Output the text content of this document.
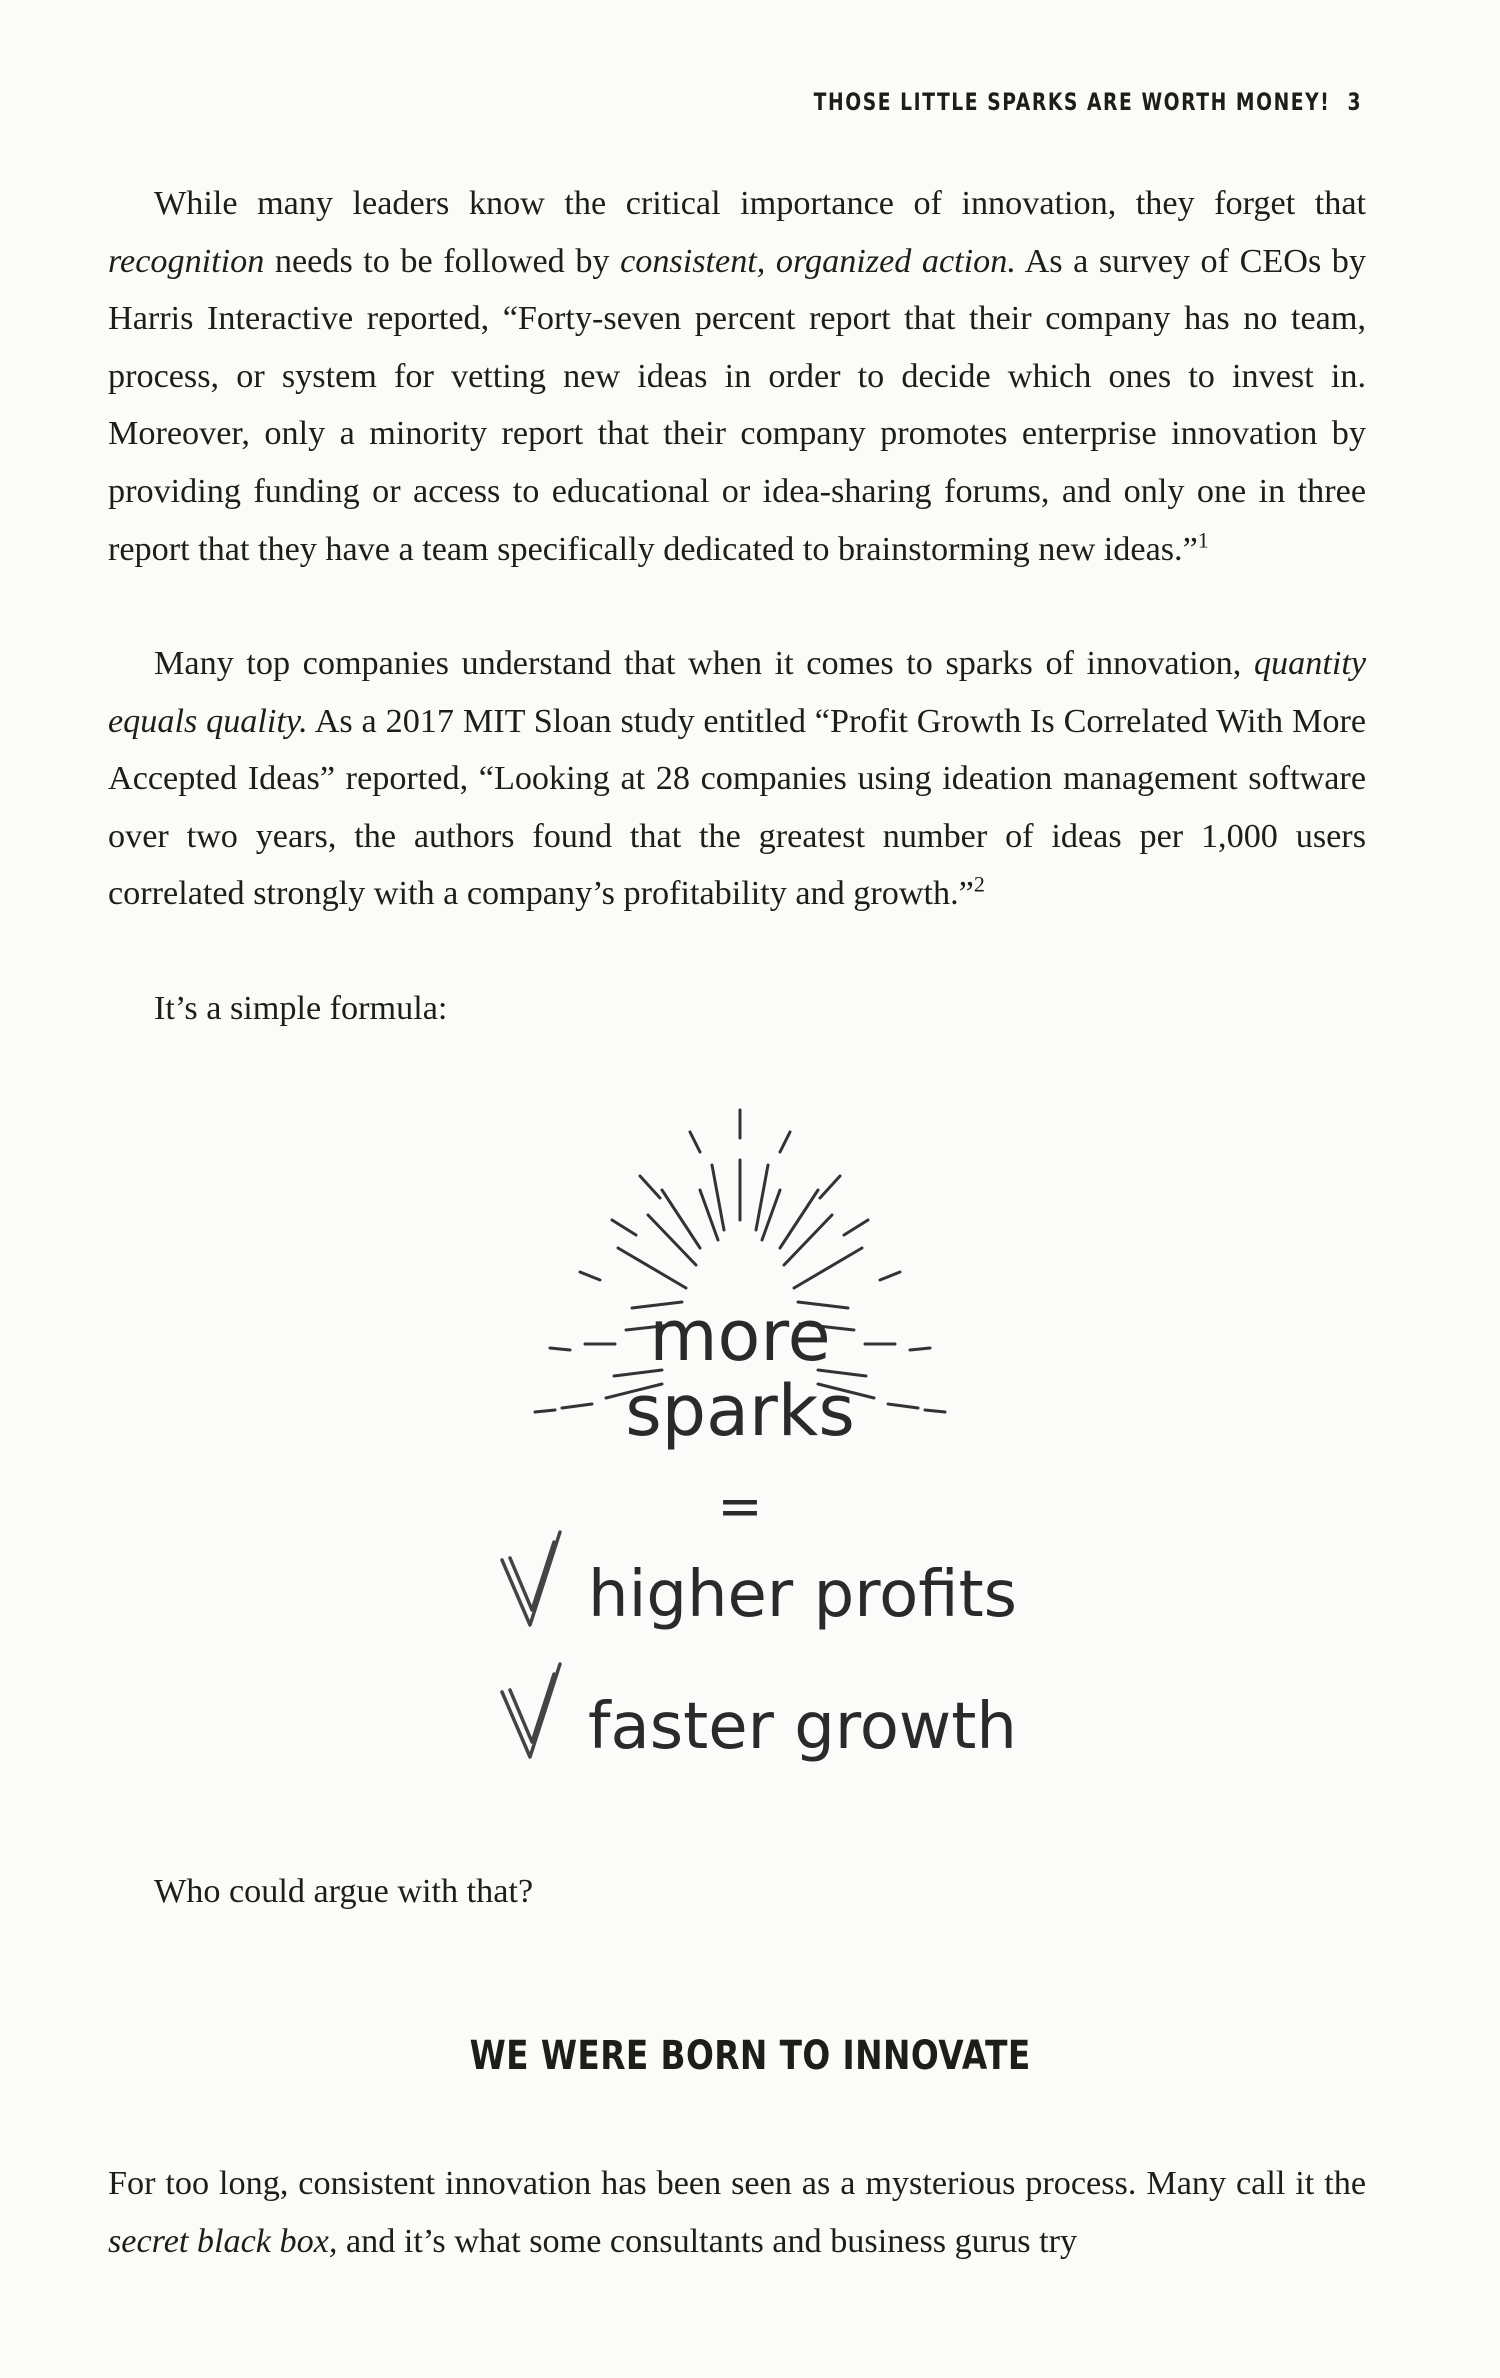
THOSE LITTLE SPARKS ARE WORTH MONEY! 3

While many leaders know the critical importance of innovation, they forget that recognition needs to be followed by consistent, organized action. As a survey of CEOs by Harris Interactive reported, “Forty-seven percent report that their company has no team, process, or system for vetting new ideas in order to decide which ones to invest in. Moreover, only a minority report that their company promotes enterprise innovation by providing funding or access to educational or idea-sharing forums, and only one in three report that they have a team specifically dedicated to brainstorming new ideas.”$^1$

Many top companies understand that when it comes to sparks of innovation, quantity equals quality. As a 2017 MIT Sloan study entitled “Profit Growth Is Correlated With More Accepted Ideas” reported, “Looking at 28 companies using ideation management software over two years, the authors found that the greatest number of ideas per 1,000 users correlated strongly with a company’s profitability and growth.”$^2$

It’s a simple formula:

more
sparks
=
higher profits
faster growth

Who could argue with that?

WE WERE BORN TO INNOVATE

For too long, consistent innovation has been seen as a mysterious process. Many call it the secret black box, and it’s what some consultants and business gurus try
